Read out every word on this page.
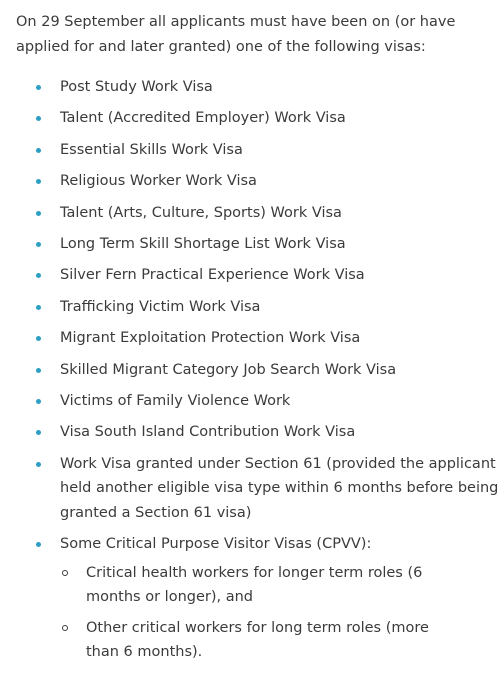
On 29 September all applicants must have been on (or have applied for and later granted) one of the following visas:

Post Study Work Visa
Talent (Accredited Employer) Work Visa
Essential Skills Work Visa
Religious Worker Work Visa
Talent (Arts, Culture, Sports) Work Visa
Long Term Skill Shortage List Work Visa
Silver Fern Practical Experience Work Visa
Trafficking Victim Work Visa
Migrant Exploitation Protection Work Visa
Skilled Migrant Category Job Search Work Visa
Victims of Family Violence Work
Visa South Island Contribution Work Visa
Work Visa granted under Section 61 (provided the applicant held another eligible visa type within 6 months before being granted a Section 61 visa)
Some Critical Purpose Visitor Visas (CPVV):
Critical health workers for longer term roles (6 months or longer), and
Other critical workers for long term roles (more than 6 months).
